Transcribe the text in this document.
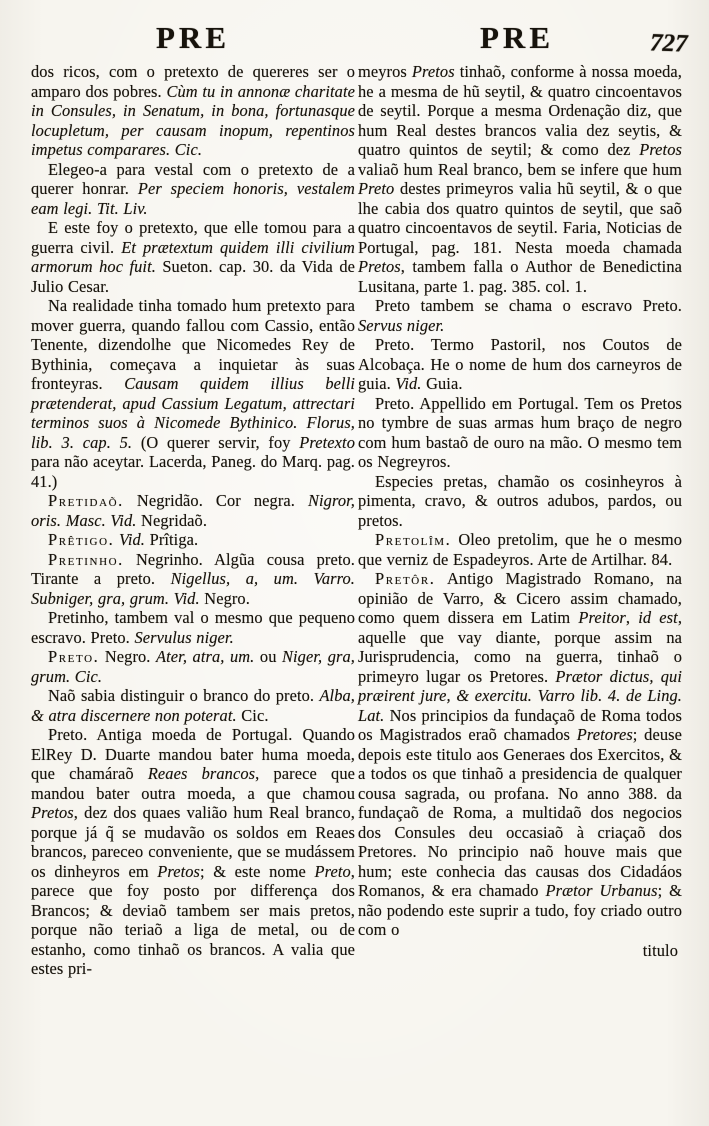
PRE	PRE	727

dos ricos, com o pretexto de quereres ser o amparo dos pobres. Cùm tu in annonæ charitate in Consules, in Senatum, in bona, fortunasque locupletum, per causam inopum, repentinos impetus comparares. Cic.

Elegeo-a para vestal com o pretexto de a querer honrar. Per speciem honoris, vestalem eam legi. Tit. Liv.

E este foy o pretexto, que elle tomou para a guerra civil. Et prætextum quidem illi civilium armorum hoc fuit. Sueton. cap. 30. da Vida de Julio Cesar.

Na realidade tinha tomado hum pretexto para mover guerra, quando fallou com Cassio, então Tenente, dizendolhe que Nicomedes Rey de Bythinia, começava a inquietar às suas fronteyras. Causam quidem illius belli prætenderat, apud Cassium Legatum, attrectari terminos suos à Nicomede Bythinico. Florus, lib. 3. cap. 5. (O querer servir, foy Pretexto para não aceytar. Lacerda, Paneg. do Marq. pag. 41.)

Pretidaõ. Negridão. Cor negra. Nigror, oris. Masc. Vid. Negridaõ.

Prêtigo. Vid. Prîtiga.

Pretinho. Negrinho. Algũa cousa preto. Tirante a preto. Nigellus, a, um. Varro. Subniger, gra, grum. Vid. Negro.

Pretinho, tambem val o mesmo que pequeno escravo. Preto. Servulus niger.

Preto. Negro. Ater, atra, um. ou Niger, gra, grum. Cic.

Naõ sabia distinguir o branco do preto. Alba, & atra discernere non poterat. Cic.

Preto. Antiga moeda de Portugal. Quando ElRey D. Duarte mandou bater huma moeda, que chamáraõ Reaes brancos, parece que mandou bater outra moeda, a que chamou Pretos, dez dos quaes valião hum Real branco, porque já q̃ se mudavão os soldos em Reaes brancos, pareceo conveniente, que se mudássem os dinheyros em Pretos; & este nome Preto, parece que foy posto por differença dos Brancos; & deviaõ tambem ser mais pretos, porque não teriaõ a liga de metal, ou de estanho, como tinhaõ os brancos. A valia que estes pri-

meyros Pretos tinhaõ, conforme à nossa moeda, he a mesma de hũ seytil, & quatro cincoentavos de seytil. Porque a mesma Ordenação diz, que hum Real destes brancos valia dez seytis, & quatro quintos de seytil; & como dez Pretos valiaõ hum Real branco, bem se infere que hum Preto destes primeyros valia hũ seytil, & o que lhe cabia dos quatro quintos de seytil, que saõ quatro cincoentavos de seytil. Faria, Noticias de Portugal, pag. 181. Nesta moeda chamada Pretos, tambem falla o Author de Benedictina Lusitana, parte 1. pag. 385. col. 1.

Preto tambem se chama o escravo Preto. Servus niger.

Preto. Termo Pastoril, nos Coutos de Alcobaça. He o nome de hum dos carneyros de guia. Vid. Guia.

Preto. Appellido em Portugal. Tem os Pretos no tymbre de suas armas hum braço de negro com hum bastaõ de ouro na mão. O mesmo tem os Negreyros.

Especies pretas, chamão os cosinheyros à pimenta, cravo, & outros adubos, pardos, ou pretos.

Pretolîm. Oleo pretolim, que he o mesmo que verniz de Espadeyros. Arte de Artilhar. 84.

Pretôr. Antigo Magistrado Romano, na opinião de Varro, & Cicero assim chamado, como quem dissera em Latim Preitor, id est, aquelle que vay diante, porque assim na Jurisprudencia, como na guerra, tinhaõ o primeyro lugar os Pretores. Prætor dictus, qui præirent jure, & exercitu. Varro lib. 4. de Ling. Lat. Nos principios da fundaçaõ de Roma todos os Magistrados eraõ chamados Pretores; deuse depois este titulo aos Generaes dos Exercitos, & a todos os que tinhaõ a presidencia de qualquer cousa sagrada, ou profana. No anno 388. da fundaçaõ de Roma, a multidaõ dos negocios dos Consules deu occasiaõ à criaçaõ dos Pretores. No principio naõ houve mais que hum; este conhecia das causas dos Cidadáos Romanos, & era chamado Prætor Urbanus; & não podendo este suprir a tudo, foy criado outro com o

titulo
